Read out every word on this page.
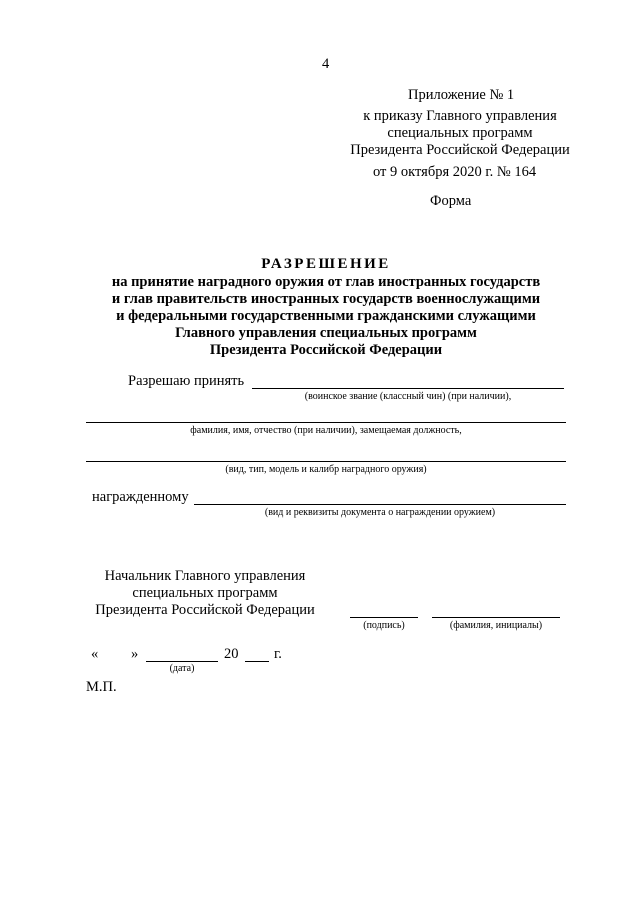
4
Приложение № 1
к приказу Главного управления
специальных программ
Президента Российской Федерации
от 9 октября 2020 г. № 164
Форма
РАЗРЕШЕНИЕ
на принятие наградного оружия от глав иностранных государств
и глав правительств иностранных государств военнослужащими
и федеральными государственными гражданскими служащими
Главного управления специальных программ
Президента Российской Федерации
Разрешаю принять
(воинское звание (классный чин) (при наличии),
фамилия, имя, отчество (при наличии), замещаемая должность,
(вид, тип, модель и калибр наградного оружия)
награжденному
(вид и реквизиты документа о награждении оружием)
Начальник Главного управления
специальных программ
Президента Российской Федерации
(подпись)	(фамилия, инициалы)
« »
(дата)
20 г.
М.П.
